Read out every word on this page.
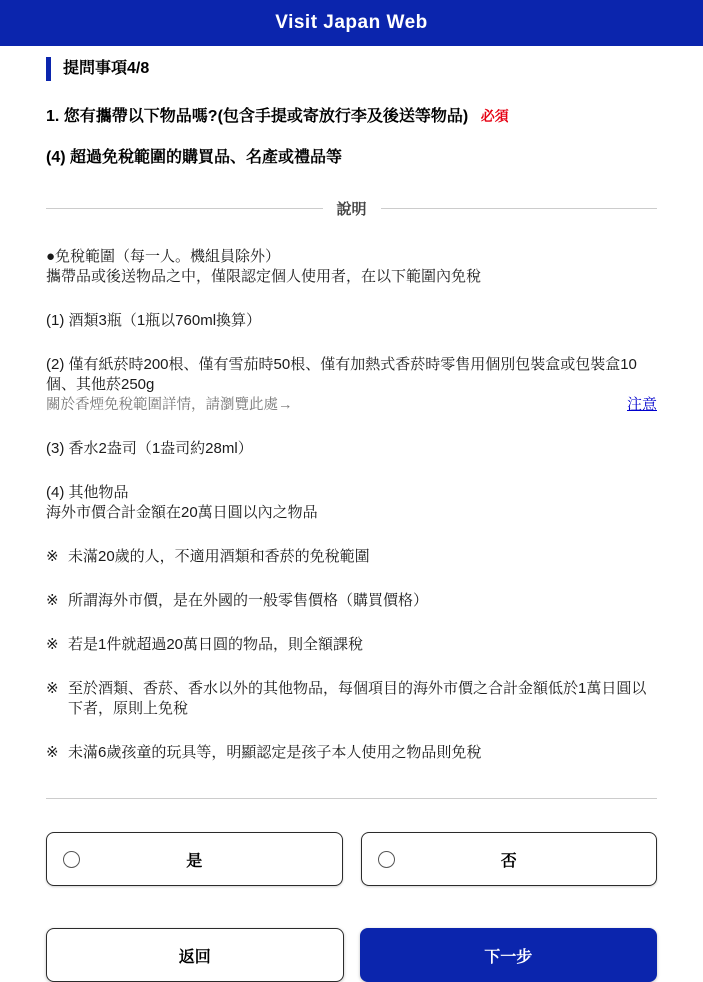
Visit Japan Web
提問事項4/8
1. 您有攜帶以下物品嗎?(包含手提或寄放行李及後送等物品) 必須
(4) 超過免稅範圍的購買品、名產或禮品等
說明

●免稅範圍（每一人。機組員除外）
攜帶品或後送物品之中，僅限認定個人使用者，在以下範圍內免稅

(1) 酒類3瓶（1瓶以760ml換算）

(2) 僅有紙菸時200根、僅有雪茄時50根、僅有加熱式香菸時零售用個別包裝盒或包裝盒10個、其他菸250g

關於香煙免稅範圍詳情，請瀏覽此處→	注意

(3) 香水2盎司（1盎司約28ml）

(4) 其他物品
海外市價合計金額在20萬日圓以內之物品

※ 未滿20歲的人，不適用酒類和香菸的免稅範圍
※ 所謂海外市價，是在外國的一般零售價格（購買價格）
※ 若是1件就超過20萬日圓的物品，則全額課稅
※ 至於酒類、香菸、香水以外的其他物品，每個項目的海外市價之合計金額低於1萬日圓以下者，原則上免稅
※ 未滿6歲孩童的玩具等，明顯認定是孩子本人使用之物品則免稅
是	否
返回	下一步
